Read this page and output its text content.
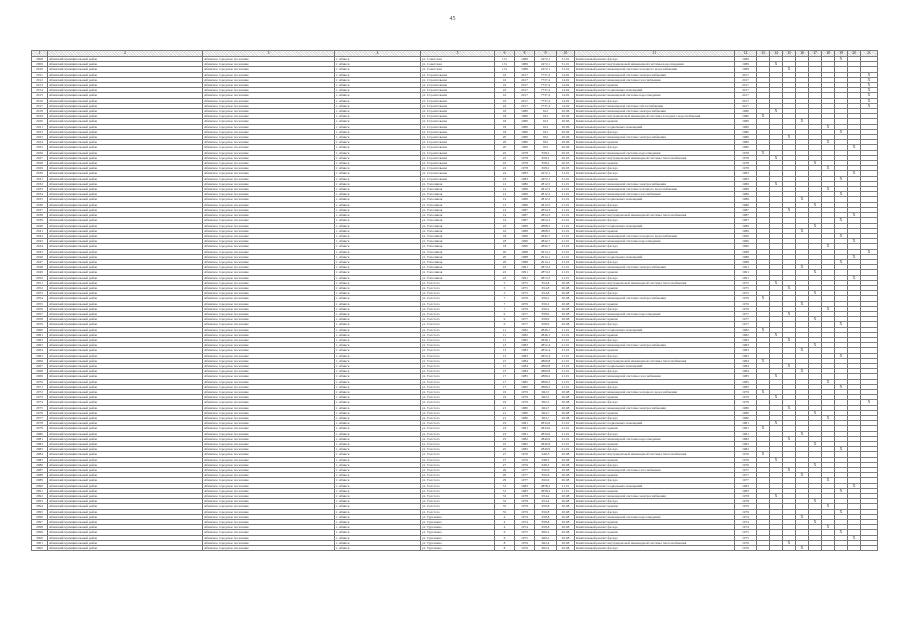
45
1	2	3	4	5	6	8	9	10	11	12	13	14	15	16	17	18	19	20	21
2908	Абинский муниципальный район	Абинское городское поселение	г. Абинск	ул. Советская	17а	1989	2472,1	31.01	Капитальный ремонт фасада	1989							X		
2909	Абинский муниципальный район	Абинское городское поселение	г. Абинск	ул. Советская	17а	1989	2472,1	31.01	Капитальный ремонт внутридомовой инженерной системы водоотведения	1989		X							
2910	Абинский муниципальный район	Абинское городское поселение	г. Абинск	ул. Советская	17а	1989	2472,1	31.01	Капитальный ремонт инженерной системы холодного водоснабжения	1989			X						
2911	Абинский муниципальный район	Абинское городское поселение	г. Абинск	ул. Строительная	16	2017	7737,4	14.02	Капитальный ремонт инженерной системы электроснабжения	2017									X
2912	Абинский муниципальный район	Абинское городское поселение	г. Абинск	ул. Строительная	16	2017	7737,4	14.02	Капитальный ремонт инженерной системы газоснабжения	2017									X
2913	Абинский муниципальный район	Абинское городское поселение	г. Абинск	ул. Строительная	16	2017	7737,4	14.02	Капитальный ремонт крыши	2017									X
2914	Абинский муниципальный район	Абинское городское поселение	г. Абинск	ул. Строительная	16	2017	7737,4	14.02	Капитальный ремонт подвальных помещений	2017									X
2915	Абинский муниципальный район	Абинское городское поселение	г. Абинск	ул. Строительная	16	2017	7737,4	14.02	Капитальный ремонт инженерной системы водоотведения	2017									X
2916	Абинский муниципальный район	Абинское городское поселение	г. Абинск	ул. Строительная	16	2017	7737,4	14.02	Капитальный ремонт фасада	2017									X
2917	Абинский муниципальный район	Абинское городское поселение	г. Абинск	ул. Строительная	16	2017	7737,4	14.02	Капитальный ремонт инженерной системы теплоснабжения	2017									X
2918	Абинский муниципальный район	Абинское городское поселение	г. Абинск	ул. Строительная	18	1980	612	20.06	Капитальный ремонт инженерной системы электроснабжения	1980		X							
2919	Абинский муниципальный район	Абинское городское поселение	г. Абинск	ул. Строительная	18	1980	612	20.06	Капитальный ремонт внутридомовой инженерной системы холодного водоснабжения	1980	X								
2920	Абинский муниципальный район	Абинское городское поселение	г. Абинск	ул. Строительная	18	1980	612	20.06	Капитальный ремонт крыши	1980				X					
2921	Абинский муниципальный район	Абинское городское поселение	г. Абинск	ул. Строительная	18	1980	612	20.06	Капитальный ремонт подвальных помещений	1980						X			
2922	Абинский муниципальный район	Абинское городское поселение	г. Абинск	ул. Строительная	18	1980	612	20.06	Капитальный ремонт фасада	1980							X		
2923	Абинский муниципальный район	Абинское городское поселение	г. Абинск	ул. Строительная	20	1980	652	20.06	Капитальный ремонт инженерной системы электроснабжения	1980			X						
2924	Абинский муниципальный район	Абинское городское поселение	г. Абинск	ул. Строительная	20	1980	652	20.06	Капитальный ремонт крыши	1980						X			
2925	Абинский муниципальный район	Абинское городское поселение	г. Абинск	ул. Строительная	20	1980	652	20.06	Капитальный ремонт фасада	1980								X	
2926	Абинский муниципальный район	Абинское городское поселение	г. Абинск	ул. Строительная	22	1978	658,2	20.03	Капитальный ремонт инженерной системы водоотведения	1978	X								
2927	Абинский муниципальный район	Абинское городское поселение	г. Абинск	ул. Строительная	22	1978	658,2	20.03	Капитальный ремонт внутридомовой инженерной системы теплоснабжения	1978		X							
2928	Абинский муниципальный район	Абинское городское поселение	г. Абинск	ул. Строительная	22	1978	658,2	20.03	Капитальный ремонт крыши	1978					X				
2929	Абинский муниципальный район	Абинское городское поселение	г. Абинск	ул. Строительная	22	1978	658,2	20.03	Капитальный ремонт фасада	1978						X			
2930	Абинский муниципальный район	Абинское городское поселение	г. Абинск	ул. Строительная	24	1983	2472,1	31.01	Капитальный ремонт фасада	1983								X	
2931	Абинский муниципальный район	Абинское городское поселение	г. Абинск	ул. Строительная	24	1983	2472,1	31.01	Капитальный ремонт крыши	1983							X		
2932	Абинский муниципальный район	Абинское городское поселение	г. Абинск	ул. Тополиная	12	1986	2812,5	21.01	Капитальный ремонт инженерной системы электроснабжения	1986		X							
2933	Абинский муниципальный район	Абинское городское поселение	г. Абинск	ул. Тополиная	12	1986	2812,5	21.01	Капитальный ремонт инженерной системы холодного водоснабжения	1986						X			
2934	Абинский муниципальный район	Абинское городское поселение	г. Абинск	ул. Тополиная	12	1986	2812,5	21.01	Капитальный ремонт инженерной системы газоснабжения	1986							X		
2935	Абинский муниципальный район	Абинское городское поселение	г. Абинск	ул. Тополиная	12	1986	2812,5	21.01	Капитальный ремонт подвальных помещений	1986				X					
2936	Абинский муниципальный район	Абинское городское поселение	г. Абинск	ул. Тополиная	12	1986	2812,5	21.01	Капитальный ремонт фасада	1986					X				
2937	Абинский муниципальный район	Абинское городское поселение	г. Абинск	ул. Тополиная	14	1987	2854,3	21.01	Капитальный ремонт крыши	1987			X						
2938	Абинский муниципальный район	Абинское городское поселение	г. Абинск	ул. Тополиная	14	1987	2854,3	21.01	Капитальный ремонт внутридомовой инженерной системы теплоснабжения	1987								X	
2939	Абинский муниципальный район	Абинское городское поселение	г. Абинск	ул. Тополиная	14	1987	2854,3	21.01	Капитальный ремонт фасада	1987							X		
2940	Абинский муниципальный район	Абинское городское поселение	г. Абинск	ул. Тополиная	16	1989	2868,5	21.01	Капитальный ремонт подвальных помещений	1989					X				
2941	Абинский муниципальный район	Абинское городское поселение	г. Абинск	ул. Тополиная	16	1989	2868,5	21.01	Капитальный ремонт крыши	1989				X					
2942	Абинский муниципальный район	Абинское городское поселение	г. Абинск	ул. Тополиная	18	1990	2842,7	21.01	Капитальный ремонт инженерной системы холодного водоснабжения	1990							X		
2943	Абинский муниципальный район	Абинское городское поселение	г. Абинск	ул. Тополиная	18	1990	2842,7	21.01	Капитальный ремонт инженерной системы водоотведения	1990								X	
2944	Абинский муниципальный район	Абинское городское поселение	г. Абинск	ул. Тополиная	18	1990	2842,7	21.01	Капитальный ремонт фасада	1990						X			
2945	Абинский муниципальный район	Абинское городское поселение	г. Абинск	ул. Тополиная	20	1988	2914,1	21.01	Капитальный ремонт крыши	1988									X
2946	Абинский муниципальный район	Абинское городское поселение	г. Абинск	ул. Тополиная	20	1988	2914,1	21.01	Капитальный ремонт подвальных помещений	1988								X	
2947	Абинский муниципальный район	Абинское городское поселение	г. Абинск	ул. Тополиная	20	1988	2914,1	21.01	Капитальный ремонт фасада	1988							X		
2948	Абинский муниципальный район	Абинское городское поселение	г. Абинск	ул. Тополиная	22	1991	2874,3	21.01	Капитальный ремонт инженерной системы электроснабжения	1991				X					
2949	Абинский муниципальный район	Абинское городское поселение	г. Абинск	ул. Тополиная	22	1991	2874,3	21.01	Капитальный ремонт крыши	1991					X				
2950	Абинский муниципальный район	Абинское городское поселение	г. Абинск	ул. Тополиная	22	1991	2874,3	21.01	Капитальный ремонт фасада	1991								X	
2951	Абинский муниципальный район	Абинское городское поселение	г. Абинск	ул. Толстого	5	1975	654,8	20.08	Капитальный ремонт внутридомовой инженерной системы теплоснабжения	1975		X							
2952	Абинский муниципальный район	Абинское городское поселение	г. Абинск	ул. Толстого	5	1975	654,8	20.08	Капитальный ремонт крыши	1975			X						
2953	Абинский муниципальный район	Абинское городское поселение	г. Абинск	ул. Толстого	5	1975	654,8	20.08	Капитальный ремонт фасада	1975					X				
2954	Абинский муниципальный район	Абинское городское поселение	г. Абинск	ул. Толстого	7	1976	656,2	20.08	Капитальный ремонт инженерной системы электроснабжения	1976	X								
2955	Абинский муниципальный район	Абинское городское поселение	г. Абинск	ул. Толстого	7	1976	656,2	20.08	Капитальный ремонт крыши	1976				X					
2956	Абинский муниципальный район	Абинское городское поселение	г. Абинск	ул. Толстого	7	1976	656,2	20.08	Капитальный ремонт фасада	1976						X			
2957	Абинский муниципальный район	Абинское городское поселение	г. Абинск	ул. Толстого	9	1977	658,0	20.08	Капитальный ремонт инженерной системы водоотведения	1977			X						
2958	Абинский муниципальный район	Абинское городское поселение	г. Абинск	ул. Толстого	9	1977	658,0	20.08	Капитальный ремонт крыши	1977					X				
2959	Абинский муниципальный район	Абинское городское поселение	г. Абинск	ул. Толстого	9	1977	658,0	20.08	Капитальный ремонт фасада	1977							X		
2960	Абинский муниципальный район	Абинское городское поселение	г. Абинск	ул. Толстого	11	1982	2846,1	21.01	Капитальный ремонт подвальных помещений	1982	X								
2961	Абинский муниципальный район	Абинское городское поселение	г. Абинск	ул. Толстого	11	1982	2846,1	21.01	Капитальный ремонт крыши	1982		X							
2962	Абинский муниципальный район	Абинское городское поселение	г. Абинск	ул. Толстого	11	1982	2846,1	21.01	Капитальный ремонт фасада	1982			X						
2963	Абинский муниципальный район	Абинское городское поселение	г. Абинск	ул. Толстого	13	1983	2852,4	21.01	Капитальный ремонт инженерной системы электроснабжения	1983					X				
2964	Абинский муниципальный район	Абинское городское поселение	г. Абинск	ул. Толстого	13	1983	2852,4	21.01	Капитальный ремонт крыши	1983				X					
2965	Абинский муниципальный район	Абинское городское поселение	г. Абинск	ул. Толстого	13	1983	2852,4	21.01	Капитальный ремонт фасада	1983							X		
2966	Абинский муниципальный район	Абинское городское поселение	г. Абинск	ул. Толстого	15	1984	2860,8	21.01	Капитальный ремонт внутридомовой инженерной системы теплоснабжения	1984	X								
2967	Абинский муниципальный район	Абинское городское поселение	г. Абинск	ул. Толстого	15	1984	2860,8	21.01	Капитальный ремонт подвальных помещений	1984			X						
2968	Абинский муниципальный район	Абинское городское поселение	г. Абинск	ул. Толстого	15	1984	2860,8	21.01	Капитальный ремонт фасада	1984				X					
2969	Абинский муниципальный район	Абинское городское поселение	г. Абинск	ул. Толстого	17	1985	2866,2	21.01	Капитальный ремонт инженерной системы газоснабжения	1985		X							
2970	Абинский муниципальный район	Абинское городское поселение	г. Абинск	ул. Толстого	17	1985	2866,2	21.01	Капитальный ремонт крыши	1985						X			
2971	Абинский муниципальный район	Абинское городское поселение	г. Абинск	ул. Толстого	17	1985	2866,2	21.01	Капитальный ремонт фасада	1985							X		
2972	Абинский муниципальный район	Абинское городское поселение	г. Абинск	ул. Толстого	19	1979	662,5	20.08	Капитальный ремонт инженерной системы холодного водоснабжения	1979	X								
2973	Абинский муниципальный район	Абинское городское поселение	г. Абинск	ул. Толстого	19	1979	662,5	20.08	Капитальный ремонт крыши	1979		X							
2974	Абинский муниципальный район	Абинское городское поселение	г. Абинск	ул. Толстого	19	1979	662,5	20.08	Капитальный ремонт фасада	1979									X
2975	Абинский муниципальный район	Абинское городское поселение	г. Абинск	ул. Толстого	21	1980	664,7	20.08	Капитальный ремонт инженерной системы электроснабжения	1980			X						
2976	Абинский муниципальный район	Абинское городское поселение	г. Абинск	ул. Толстого	21	1980	664,7	20.08	Капитальный ремонт крыши	1980					X				
2977	Абинский муниципальный район	Абинское городское поселение	г. Абинск	ул. Толстого	21	1980	664,7	20.08	Капитальный ремонт фасада	1980						X			
2978	Абинский муниципальный район	Абинское городское поселение	г. Абинск	ул. Толстого	23	1981	2834,6	21.01	Капитальный ремонт подвальных помещений	1981		X							
2979	Абинский муниципальный район	Абинское городское поселение	г. Абинск	ул. Толстого	23	1981	2834,6	21.01	Капитальный ремонт крыши	1981	X								
2980	Абинский муниципальный район	Абинское городское поселение	г. Абинск	ул. Толстого	23	1981	2834,6	21.01	Капитальный ремонт фасада	1981				X					
2981	Абинский муниципальный район	Абинское городское поселение	г. Абинск	ул. Толстого	25	1982	2840,9	21.01	Капитальный ремонт инженерной системы водоотведения	1982			X						
2982	Абинский муниципальный район	Абинское городское поселение	г. Абинск	ул. Толстого	25	1982	2840,9	21.01	Капитальный ремонт крыши	1982					X				
2983	Абинский муниципальный район	Абинское городское поселение	г. Абинск	ул. Толстого	25	1982	2840,9	21.01	Капитальный ремонт фасада	1982							X		
2984	Абинский муниципальный район	Абинское городское поселение	г. Абинск	ул. Толстого	27	1976	648,3	20.08	Капитальный ремонт внутридомовой инженерной системы теплоснабжения	1976	X								
2985	Абинский муниципальный район	Абинское городское поселение	г. Абинск	ул. Толстого	27	1976	648,3	20.08	Капитальный ремонт крыши	1976		X							
2986	Абинский муниципальный район	Абинское городское поселение	г. Абинск	ул. Толстого	27	1976	648,3	20.08	Капитальный ремонт фасада	1976					X				
2987	Абинский муниципальный район	Абинское городское поселение	г. Абинск	ул. Толстого	29	1977	650,6	20.08	Капитальный ремонт инженерной системы газоснабжения	1977			X						
2988	Абинский муниципальный район	Абинское городское поселение	г. Абинск	ул. Толстого	29	1977	650,6	20.08	Капитальный ремонт крыши	1977				X					
2989	Абинский муниципальный район	Абинское городское поселение	г. Абинск	ул. Толстого	29	1977	650,6	20.08	Капитальный ремонт фасада	1977						X			
2990	Абинский муниципальный район	Абинское городское поселение	г. Абинск	ул. Толстого	31	1983	2858,2	21.01	Капитальный ремонт подвальных помещений	1983								X	
2991	Абинский муниципальный район	Абинское городское поселение	г. Абинск	ул. Толстого	31	1983	2858,2	21.01	Капитальный ремонт крыши	1983							X		
2992	Абинский муниципальный район	Абинское городское поселение	г. Абинск	ул. Толстого	33	1978	654,4	20.08	Капитальный ремонт инженерной системы электроснабжения	1978		X							
2993	Абинский муниципальный район	Абинское городское поселение	г. Абинск	ул. Толстого	33	1978	654,4	20.08	Капитальный ремонт фасада	1978					X				
2994	Абинский муниципальный район	Абинское городское поселение	г. Абинск	ул. Толстого	35	1979	656,8	20.08	Капитальный ремонт крыши	1979						X			
2995	Абинский муниципальный район	Абинское городское поселение	г. Абинск	ул. Толстого	35	1979	656,8	20.08	Капитальный ремонт фасада	1979							X		
2996	Абинский муниципальный район	Абинское городское поселение	г. Абинск	ул. Тургенева	4	1974	658,8	20.08	Капитальный ремонт инженерной системы водоотведения	1974				X					
2997	Абинский муниципальный район	Абинское городское поселение	г. Абинск	ул. Тургенева	4	1974	658,8	20.08	Капитальный ремонт крыши	1974					X				
2998	Абинский муниципальный район	Абинское городское поселение	г. Абинск	ул. Тургенева	4	1974	658,8	20.08	Капитальный ремонт фасада	1974						X			
2999	Абинский муниципальный район	Абинское городское поселение	г. Абинск	ул. Тургенева	6	1975	660,2	20.08	Капитальный ремонт крыши	1975							X		
3000	Абинский муниципальный район	Абинское городское поселение	г. Абинск	ул. Тургенева	6	1975	660,2	20.08	Капитальный ремонт фасада	1975								X	
3001	Абинский муниципальный район	Абинское городское поселение	г. Абинск	ул. Тургенева	8	1976	662,4	20.08	Капитальный ремонт внутридомовой инженерной системы теплоснабжения	1976			X						
3002	Абинский муниципальный район	Абинское городское поселение	г. Абинск	ул. Тургенева	8	1976	662,4	20.08	Капитальный ремонт фасада	1976				X					
